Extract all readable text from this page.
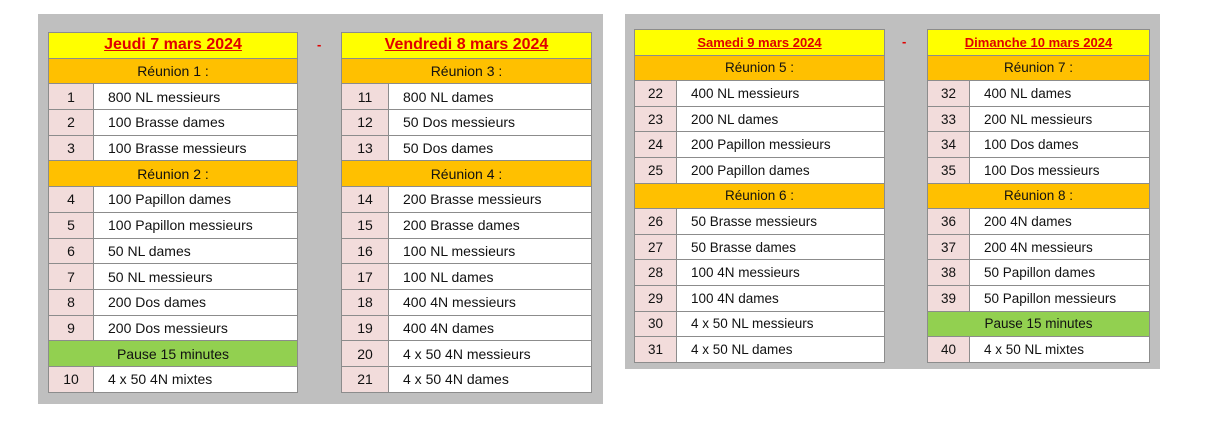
Jeudi 7 mars 2024	
Réunion 1 :	
1	800 NL messieurs
2	100 Brasse dames
3	100 Brasse messieurs
Réunion 2 :	
4	100 Papillon dames
5	100 Papillon messieurs
6	50 NL dames
7	50 NL messieurs
8	200 Dos dames
9	200 Dos messieurs
Pause 15 minutes	
10	4 x 50 4N mixtes
-	Vendredi 8 mars 2024	
Réunion 3 :	
11	800 NL dames
12	50 Dos messieurs
13	50 Dos dames
Réunion 4 :	
14	200 Brasse messieurs
15	200 Brasse dames
16	100 NL messieurs
17	100 NL dames
18	400 4N messieurs
19	400 4N dames
20	4 x 50 4N messieurs
21	4 x 50 4N dames
Samedi 9 mars 2024	
Réunion 5 :	
22	400 NL messieurs
23	200 NL dames
24	200 Papillon messieurs
25	200 Papillon dames
Réunion 6 :	
26	50 Brasse messieurs
27	50 Brasse dames
28	100 4N messieurs
29	100 4N dames
30	4 x 50 NL messieurs
31	4 x 50 NL dames
-	Dimanche 10 mars 2024	
Réunion 7 :	
32	400 NL dames
33	200 NL messieurs
34	100 Dos dames
35	100 Dos messieurs
Réunion 8 :	
36	200 4N dames
37	200 4N messieurs
38	50 Papillon dames
39	50 Papillon messieurs
Pause 15 minutes	
40	4 x 50 NL mixtes
